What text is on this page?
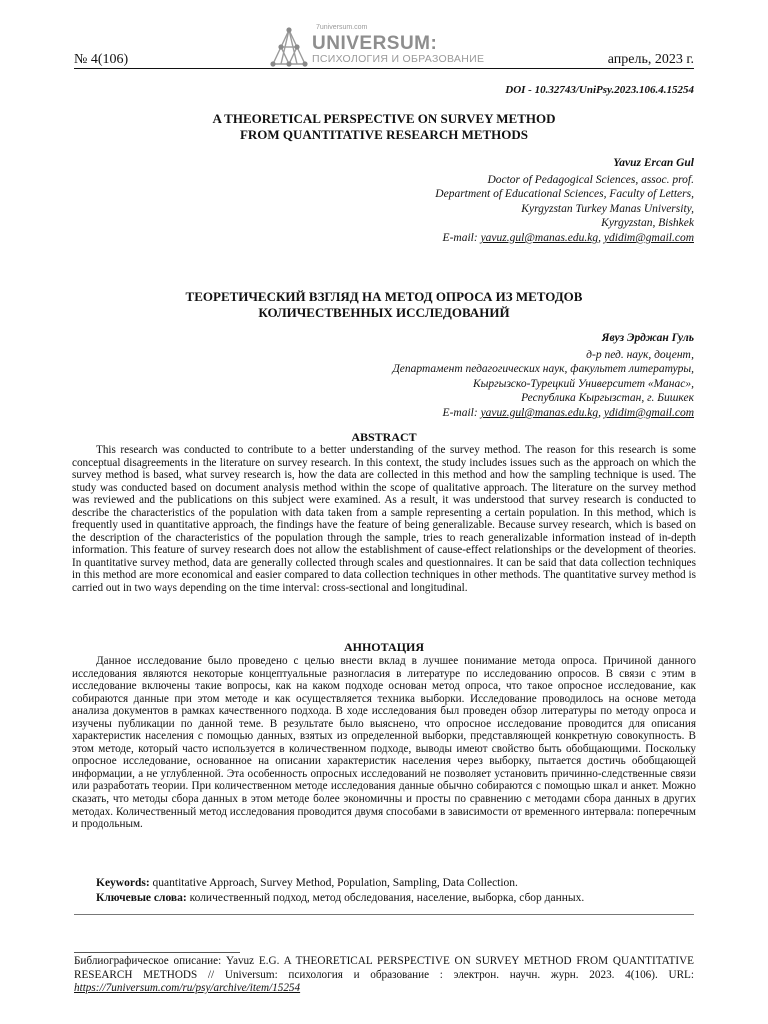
№ 4(106)
7universum.com
UNIVERSUM:
ПСИХОЛОГИЯ И ОБРАЗОВАНИЕ	апрель, 2023 г.
DOI - 10.32743/UniPsy.2023.106.4.15254
A THEORETICAL PERSPECTIVE ON SURVEY METHOD
FROM QUANTITATIVE RESEARCH METHODS
Yavuz Ercan Gul
Doctor of Pedagogical Sciences, assoc. prof.
Department of Educational Sciences, Faculty of Letters,
Kyrgyzstan Turkey Manas University,
Kyrgyzstan, Bishkek
E-mail: yavuz.gul@manas.edu.kg, ydidim@gmail.com
ТЕОРЕТИЧЕСКИЙ ВЗГЛЯД НА МЕТОД ОПРОСА ИЗ МЕТОДОВ
КОЛИЧЕСТВЕННЫХ ИССЛЕДОВАНИЙ
Явуз Эрджан Гуль
д-р пед. наук, доцент,
Департамент педагогических наук, факультет литературы,
Кыргызско-Турецкий Университет «Манас»,
Республика Кыргызстан, г. Бишкек
E-mail: yavuz.gul@manas.edu.kg, ydidim@gmail.com
ABSTRACT
This research was conducted to contribute to a better understanding of the survey method. The reason for this research is some conceptual disagreements in the literature on survey research. In this context, the study includes issues such as the approach on which the survey method is based, what survey research is, how the data are collected in this method and how the sampling technique is used. The study was conducted based on document analysis method within the scope of qualitative approach. The literature on the survey method was reviewed and the publications on this subject were examined. As a result, it was understood that survey research is conducted to describe the characteristics of the population with data taken from a sample representing a certain population. In this method, which is frequently used in quantitative approach, the findings have the feature of being generalizable. Because survey research, which is based on the description of the characteristics of the population through the sample, tries to reach generalizable information instead of in-depth information. This feature of survey research does not allow the establishment of cause-effect relationships or the development of theories. In quantitative survey method, data are generally collected through scales and questionnaires. It can be said that data collection techniques in this method are more economical and easier compared to data collection techniques in other methods. The quantitative survey method is carried out in two ways depending on the time interval: cross-sectional and longitudinal.
АННОТАЦИЯ
Данное исследование было проведено с целью внести вклад в лучшее понимание метода опроса. Причиной данного исследования являются некоторые концептуальные разногласия в литературе по исследованию опросов. В связи с этим в исследование включены такие вопросы, как на каком подходе основан метод опроса, что такое опросное исследование, как собираются данные при этом методе и как осуществляется техника выборки. Исследование проводилось на основе метода анализа документов в рамках качественного подхода. В ходе исследования был проведен обзор литературы по методу опроса и изучены публикации по данной теме. В результате было выяснено, что опросное исследование проводится для описания характеристик населения с помощью данных, взятых из определенной выборки, представляющей конкретную совокупность. В этом методе, который часто используется в количественном подходе, выводы имеют свойство быть обобщающими. Поскольку опросное исследование, основанное на описании характеристик населения через выборку, пытается достичь обобщающей информации, а не углубленной. Эта особенность опросных исследований не позволяет установить причинно-следственные связи или разработать теории. При количественном методе исследования данные обычно собираются с помощью шкал и анкет. Можно сказать, что методы сбора данных в этом методе более экономичны и просты по сравнению с методами сбора данных в других методах. Количественный метод исследования проводится двумя способами в зависимости от временного интервала: поперечным и продольным.
Keywords: quantitative Approach, Survey Method, Population, Sampling, Data Collection.
Ключевые слова: количественный подход, метод обследования, население, выборка, сбор данных.
Библиографическое описание: Yavuz E.G. A THEORETICAL PERSPECTIVE ON SURVEY METHOD FROM QUANTITATIVE RESEARCH METHODS // Universum: психология и образование : электрон. научн. журн. 2023. 4(106). URL: https://7universum.com/ru/psy/archive/item/15254
